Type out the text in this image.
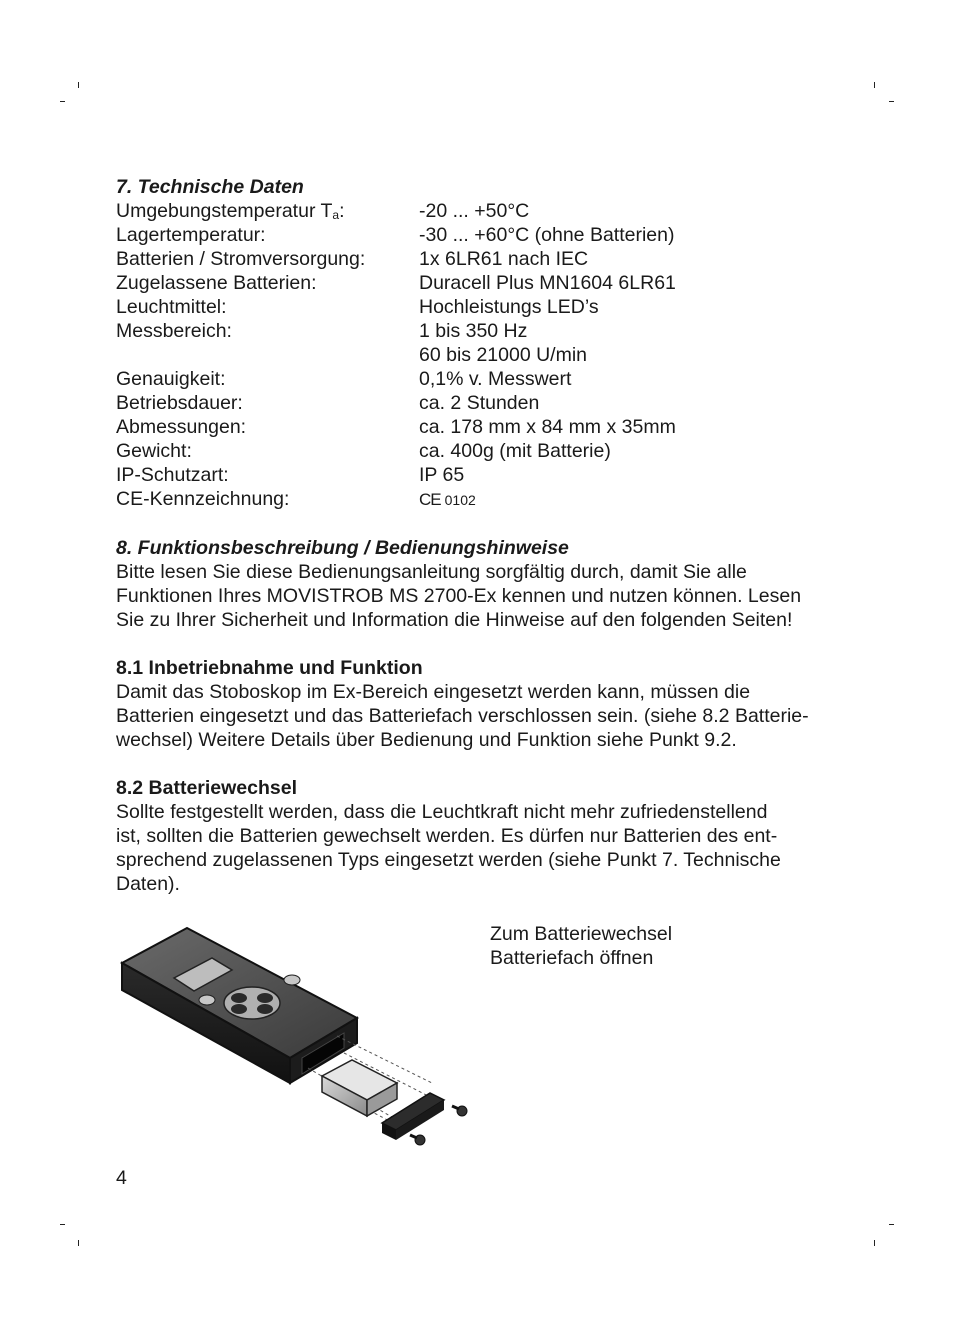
7. Technische Daten

Umgebungstemperatur $T_a$:	-20 ... +50°C

Lagertemperatur:	-30 ... +60°C (ohne Batterien)

Batterien / Stromversorgung:	1x 6LR61 nach IEC

Zugelassene Batterien:	Duracell Plus MN1604 6LR61

Leuchtmittel:	Hochleistungs LED’s

Messbereich:	1 bis 350 Hz
60 bis 21000 U/min

Genauigkeit:	0,1% v. Messwert

Betriebsdauer:	ca. 2 Stunden

Abmessungen:	ca. 178 mm x 84 mm x 35mm

Gewicht:	ca. 400g (mit Batterie)

IP-Schutzart:	IP 65

CE-Kennzeichnung:	CE 0102

8. Funktionsbeschreibung / Bedienungshinweise

Bitte lesen Sie diese Bedienungsanleitung sorgfältig durch, damit Sie alle

Funktionen Ihres MOVISTROB MS 2700-Ex kennen und nutzen können. Lesen

Sie zu Ihrer Sicherheit und Information die Hinweise auf den folgenden Seiten!

8.1 Inbetriebnahme und Funktion

Damit das Stoboskop im Ex-Bereich eingesetzt werden kann, müssen die

Batterien eingesetzt und das Batteriefach verschlossen sein. (siehe 8.2 Batterie-

wechsel) Weitere Details über Bedienung und Funktion siehe Punkt 9.2.

8.2 Batteriewechsel

Sollte festgestellt werden, dass die Leuchtkraft nicht mehr zufriedenstellend

ist, sollten die Batterien gewechselt werden. Es dürfen nur Batterien des ent-

sprechend zugelassenen Typs eingesetzt werden (siehe Punkt 7. Technische

Daten).

Zum Batteriewechsel
Batteriefach öffnen
4
